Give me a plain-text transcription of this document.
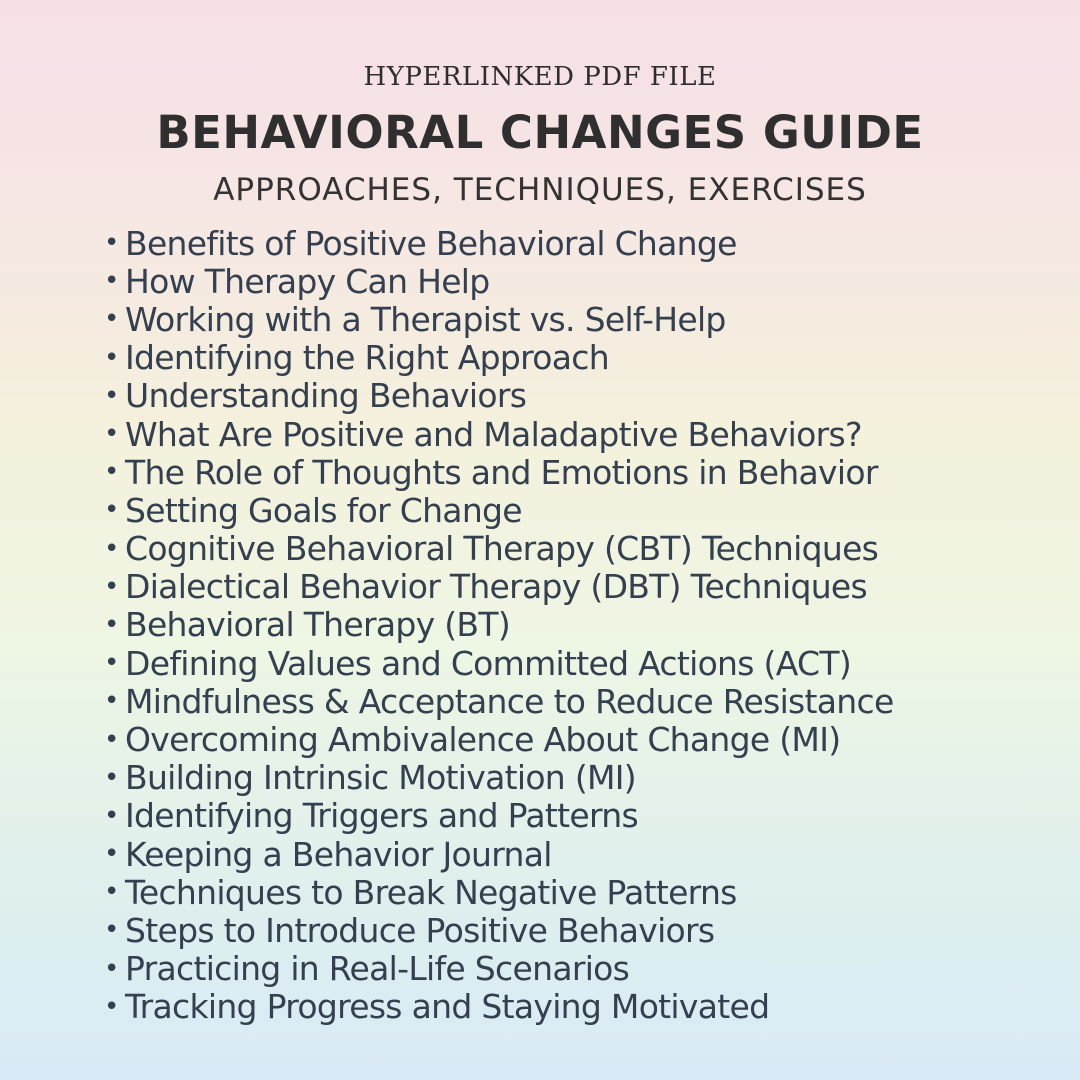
HYPERLINKED PDF FILE

BEHAVIORAL CHANGES GUIDE

APPROACHES, TECHNIQUES, EXERCISES

• Benefits of Positive Behavioral Change
• How Therapy Can Help
• Working with a Therapist vs. Self-Help
• Identifying the Right Approach
• Understanding Behaviors
• What Are Positive and Maladaptive Behaviors?
• The Role of Thoughts and Emotions in Behavior
• Setting Goals for Change
• Cognitive Behavioral Therapy (CBT) Techniques
• Dialectical Behavior Therapy (DBT) Techniques
• Behavioral Therapy (BT)
• Defining Values and Committed Actions (ACT)
• Mindfulness & Acceptance to Reduce Resistance
• Overcoming Ambivalence About Change (MI)
• Building Intrinsic Motivation (MI)
• Identifying Triggers and Patterns
• Keeping a Behavior Journal
• Techniques to Break Negative Patterns
• Steps to Introduce Positive Behaviors
• Practicing in Real-Life Scenarios
• Tracking Progress and Staying Motivated
